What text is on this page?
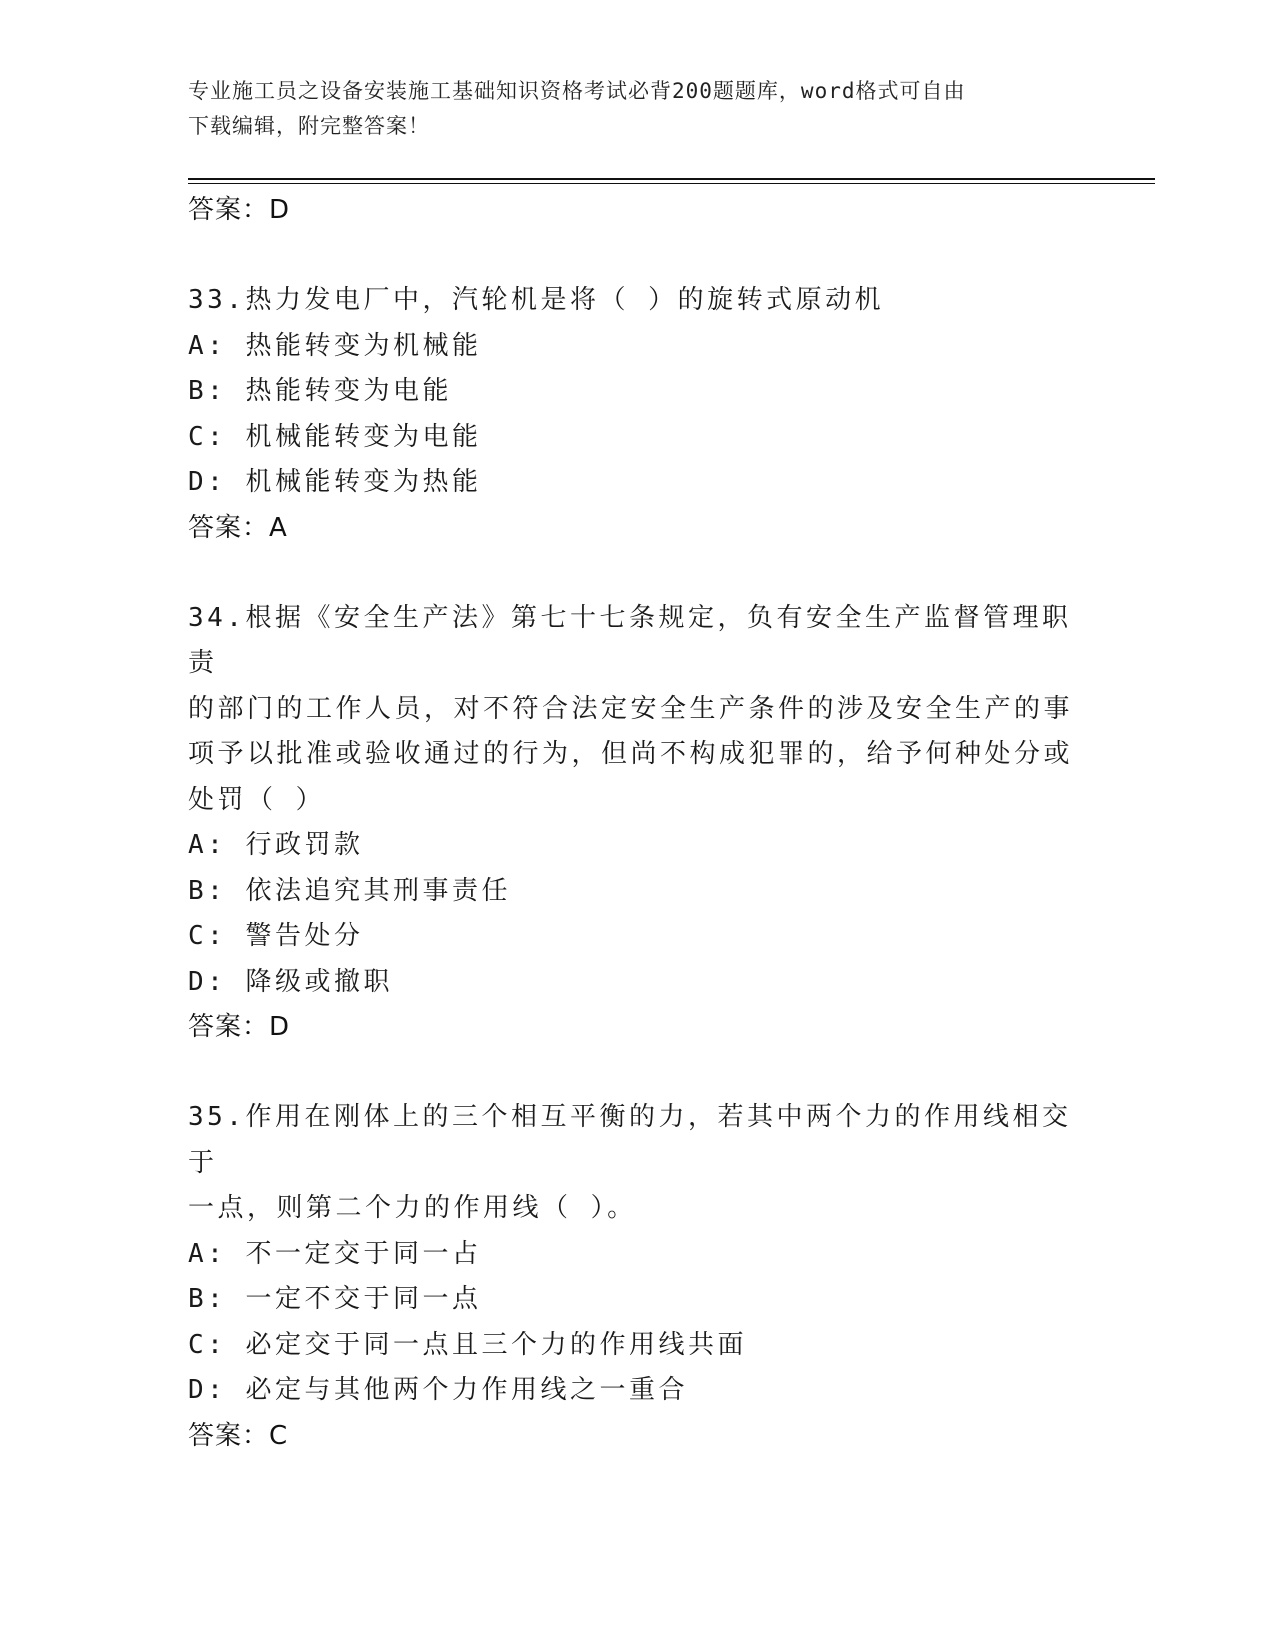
专业施工员之设备安装施工基础知识资格考试必背200题题库，word格式可自由
下载编辑，附完整答案！
答案：D
33.热力发电厂中，汽轮机是将（ ）的旋转式原动机
A: 热能转变为机械能
B: 热能转变为电能
C: 机械能转变为电能
D: 机械能转变为热能
答案：A
34.根据《安全生产法》第七十七条规定，负有安全生产监督管理职责
的部门的工作人员，对不符合法定安全生产条件的涉及安全生产的事
项予以批准或验收通过的行为，但尚不构成犯罪的，给予何种处分或
处罚（ ）
A: 行政罚款
B: 依法追究其刑事责任
C: 警告处分
D: 降级或撤职
答案：D
35.作用在刚体上的三个相互平衡的力，若其中两个力的作用线相交于
一点，则第二个力的作用线（ ）。
A: 不一定交于同一占
B: 一定不交于同一点
C: 必定交于同一点且三个力的作用线共面
D: 必定与其他两个力作用线之一重合
答案：C
